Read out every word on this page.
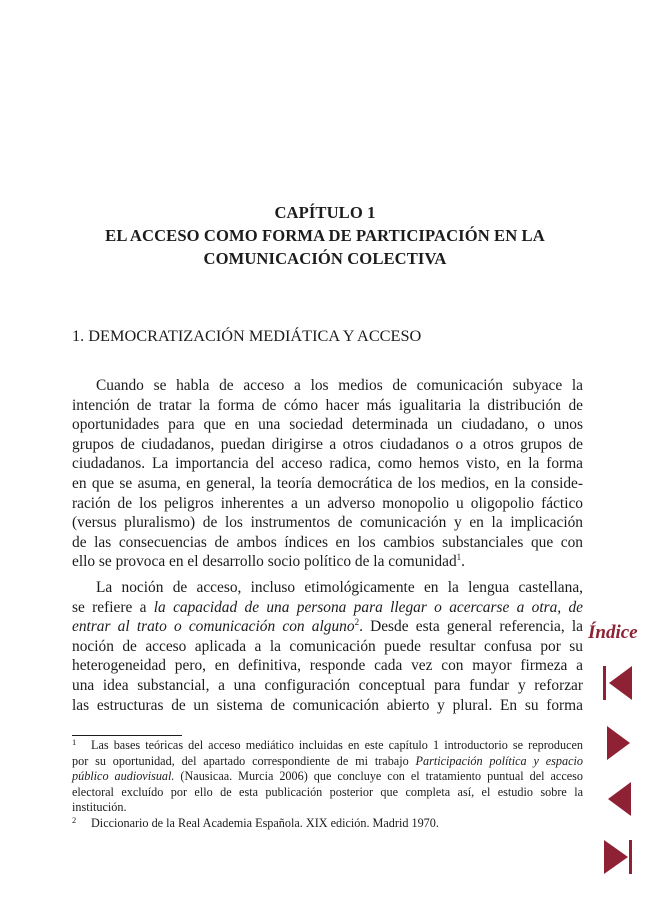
CAPÍTULO 1
EL ACCESO COMO FORMA DE PARTICIPACIÓN EN LA
COMUNICACIÓN COLECTIVA
1. DEMOCRATIZACIÓN MEDIÁTICA Y ACCESO
Cuando se habla de acceso a los medios de comunicación subyace la
intención de tratar la forma de cómo hacer más igualitaria la distribución de
oportunidades para que en una sociedad determinada un ciudadano, o unos
grupos de ciudadanos, puedan dirigirse a otros ciudadanos o a otros grupos de
ciudadanos. La importancia del acceso radica, como hemos visto, en la forma
en que se asuma, en general, la teoría democrática de los medios, en la conside-
ración de los peligros inherentes a un adverso monopolio u oligopolio fáctico
(versus pluralismo) de los instrumentos de comunicación y en la implicación
de las consecuencias de ambos índices en los cambios substanciales que con
ello se provoca en el desarrollo socio político de la comunidad$^1$.
La noción de acceso, incluso etimológicamente en la lengua castellana,
se refiere a la capacidad de una persona para llegar o acercarse a otra, de
entrar al trato o comunicación con alguno$^2$. Desde esta general referencia, la
noción de acceso aplicada a la comunicación puede resultar confusa por su
heterogeneidad pero, en definitiva, responde cada vez con mayor firmeza a
una idea substancial, a una configuración conceptual para fundar y reforzar
las estructuras de un sistema de comunicación abierto y plural. En su forma
1 Las bases teóricas del acceso mediático incluidas en este capítulo 1 introductorio se reproducen
por su oportunidad, del apartado correspondiente de mi trabajo Participación política y espacio
público audiovisual. (Nausicaa. Murcia 2006) que concluye con el tratamiento puntual del acceso
electoral excluído por ello de esta publicación posterior que completa así, el estudio sobre la
institución.
2 Diccionario de la Real Academia Española. XIX edición. Madrid 1970.
Índice
